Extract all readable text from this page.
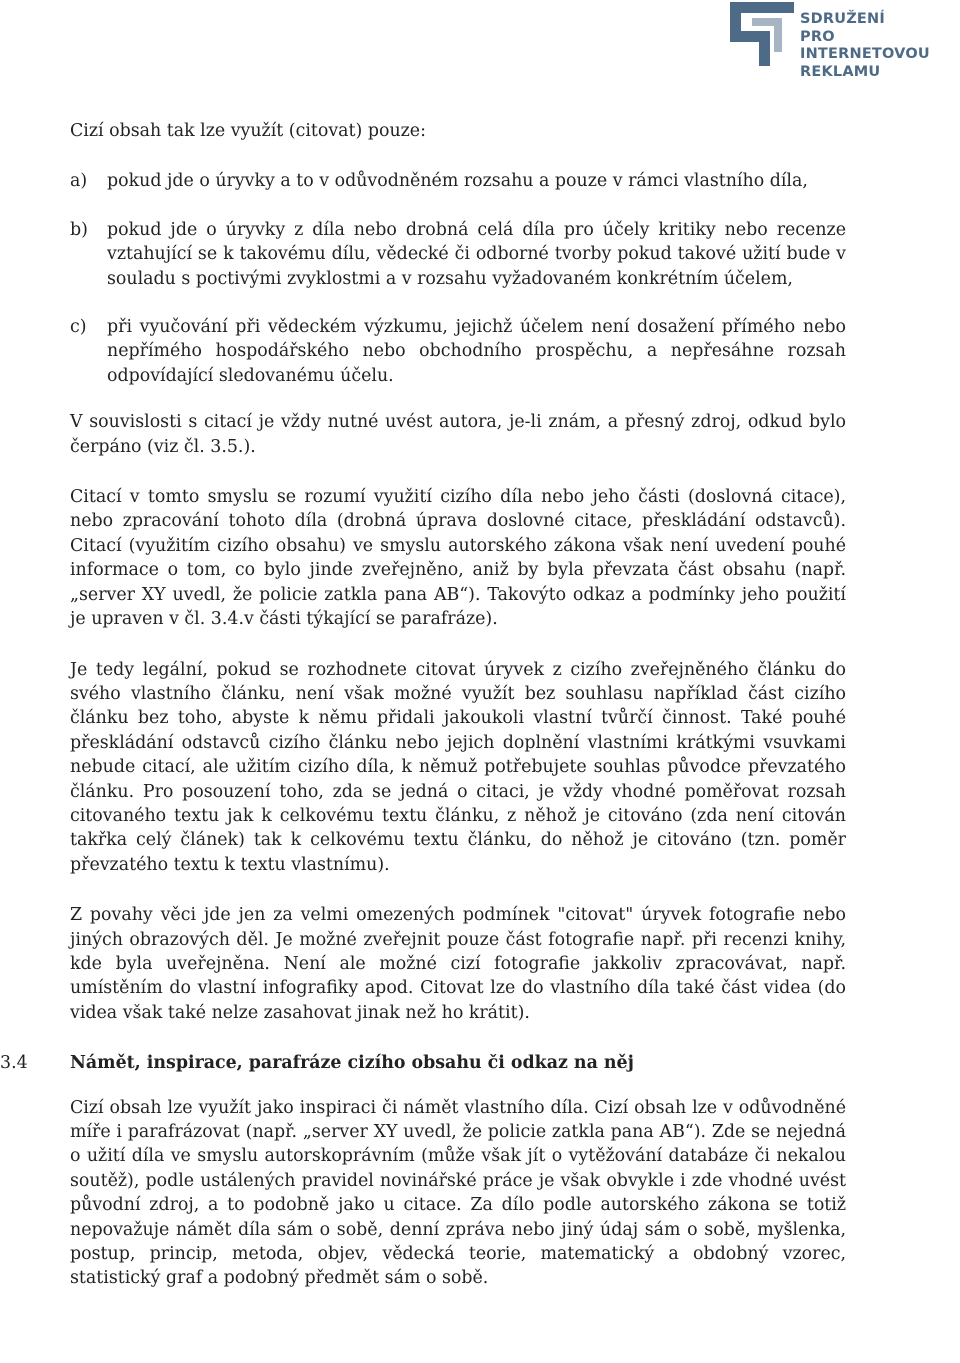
SDRUŽENÍ
PRO INTERNETOVOU
REKLAMU

Cizí obsah tak lze využít (citovat) pouze:

a) pokud jde o úryvky a to v odůvodněném rozsahu a pouze v rámci vlastního díla,
b) pokud jde o úryvky z díla nebo drobná celá díla pro účely kritiky nebo recenze vztahující se k takovému dílu, vědecké či odborné tvorby pokud takové užití bude v souladu s poctivými zvyklostmi a v rozsahu vyžadovaném konkrétním účelem,
c) při vyučování při vědeckém výzkumu, jejichž účelem není dosažení přímého nebo nepřímého hospodářského nebo obchodního prospěchu, a nepřesáhne rozsah odpovídající sledovanému účelu.

V souvislosti s citací je vždy nutné uvést autora, je-li znám, a přesný zdroj, odkud bylo čerpáno (viz čl. 3.5.).

Citací v tomto smyslu se rozumí využití cizího díla nebo jeho části (doslovná citace), nebo zpracování tohoto díla (drobná úprava doslovné citace, přeskládání odstavců). Citací (využitím cizího obsahu) ve smyslu autorského zákona však není uvedení pouhé informace o tom, co bylo jinde zveřejněno, aniž by byla převzata část obsahu (např. „server XY uvedl, že policie zatkla pana AB“). Takovýto odkaz a podmínky jeho použití je upraven v čl. 3.4.v části týkající se parafráze).

Je tedy legální, pokud se rozhodnete citovat úryvek z cizího zveřejněného článku do svého vlastního článku, není však možné využít bez souhlasu například část cizího článku bez toho, abyste k němu přidali jakoukoli vlastní tvůrčí činnost. Také pouhé přeskládání odstavců cizího článku nebo jejich doplnění vlastními krátkými vsuvkami nebude citací, ale užitím cizího díla, k němuž potřebujete souhlas původce převzatého článku. Pro posouzení toho, zda se jedná o citaci, je vždy vhodné poměřovat rozsah citovaného textu jak k celkovému textu článku, z něhož je citováno (zda není citován takřka celý článek) tak k celkovému textu článku, do něhož je citováno (tzn. poměr převzatého textu k textu vlastnímu).

Z povahy věci jde jen za velmi omezených podmínek "citovat" úryvek fotografie nebo jiných obrazových děl. Je možné zveřejnit pouze část fotografie např. při recenzi knihy, kde byla uveřejněna. Není ale možné cizí fotografie jakkoliv zpracovávat, např. umístěním do vlastní infografiky apod. Citovat lze do vlastního díla také část videa (do videa však také nelze zasahovat jinak než ho krátit).

3.4 Námět, inspirace, parafráze cizího obsahu či odkaz na něj

Cizí obsah lze využít jako inspiraci či námět vlastního díla. Cizí obsah lze v odůvodněné míře i parafrázovat (např. „server XY uvedl, že policie zatkla pana AB“). Zde se nejedná o užití díla ve smyslu autorskoprávním (může však jít o vytěžování databáze či nekalou soutěž), podle ustálených pravidel novinářské práce je však obvykle i zde vhodné uvést původní zdroj, a to podobně jako u citace. Za dílo podle autorského zákona se totiž nepovažuje námět díla sám o sobě, denní zpráva nebo jiný údaj sám o sobě, myšlenka, postup, princip, metoda, objev, vědecká teorie, matematický a obdobný vzorec, statistický graf a podobný předmět sám o sobě.
